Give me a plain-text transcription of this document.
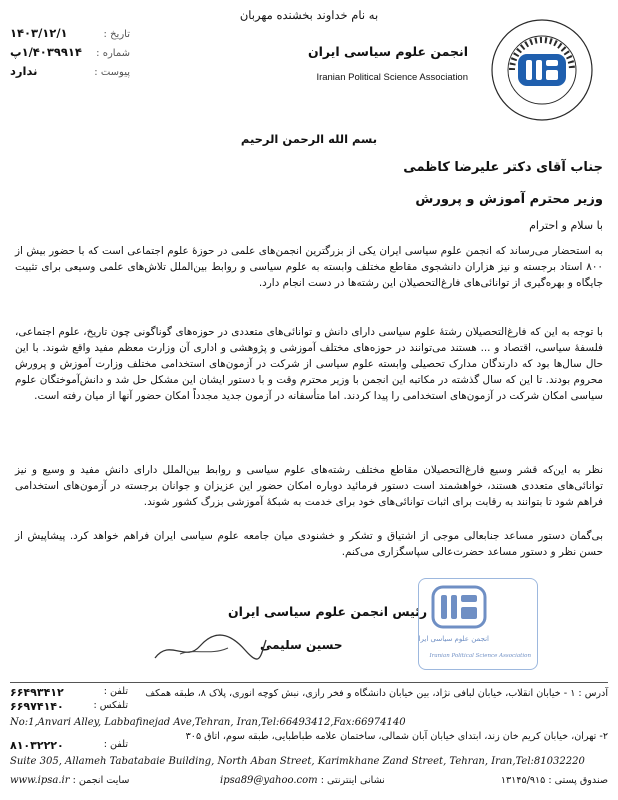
به نام خداوند بخشنده مهربان
تاریخ :
۱۴۰۳/۱۲/۱
شماره :
۱/۴۰۳۹۹۱۴پ
پیوست :
ندارد
انجمن علوم سیاسی ایران
Iranian Political Science Association
بسم الله الرحمن الرحیم
جناب آقای دکتر علیرضا کاظمی
وزیر محترم آموزش و پرورش
با سلام و احترام
به استحضار می‌رساند که انجمن علوم سیاسی ایران یکی از بزرگترین انجمن‌های علمی در حوزهٔ علوم اجتماعی است که با حضور بیش از ۸۰۰ استاد برجسته و نیز هزاران دانشجوی مقاطع مختلف وابسته به علوم سیاسی و روابط بین‌الملل تلاش‌های علمی وسیعی برای تثبیت جایگاه و بهره‌گیری از توانائی‌های فارغ‌التحصیلان این رشته‌ها در دست انجام دارد.
با توجه به این که فارغ‌التحصیلان رشتهٔ علوم سیاسی دارای دانش و توانائی‌های متعددی در حوزه‌های گوناگونی چون تاریخ، علوم اجتماعی، فلسفهٔ سیاسی، اقتصاد و ... هستند می‌توانند در حوزه‌های مختلف آموزشی و پژوهشی و اداری آن وزارت معظم مفید واقع شوند. با این حال سال‌ها بود که دارندگان مدارک تحصیلی وابسته علوم سیاسی از شرکت در آزمون‌های استخدامی مختلف وزارت آموزش و پرورش محروم بودند. تا این که سال گذشته در مکاتبه این انجمن با وزیر محترم وقت و با دستور ایشان این مشکل حل شد و دانش‌آموختگان علوم سیاسی امکان شرکت در آزمون‌های استخدامی را پیدا کردند. اما متأسفانه در آزمون جدید مجدداً امکان حضور آنها از میان رفته است.
نظر به این‌که قشر وسیع فارغ‌التحصیلان مقاطع مختلف رشته‌های علوم سیاسی و روابط بین‌الملل دارای دانش مفید و وسیع و نیز توانائی‌های متعددی هستند، خواهشمند است دستور فرمائید دوباره امکان حضور این عزیزان و جوانان برجسته در آزمون‌های استخدامی فراهم شود تا بتوانند به رقابت برای اثبات توانائی‌های خود برای خدمت به شبکهٔ آموزشی بزرگ کشور شوند.
بی‌گمان دستور مساعد جنابعالی موجی از اشتیاق و تشکر و خشنودی میان جامعه علوم سیاسی ایران فراهم خواهد کرد. پیشاپیش از حسن نظر و دستور مساعد حضرت‌عالی سپاسگزاری می‌کنم.
رئیس انجمن علوم سیاسی ایران
حسین سلیمی	انجمن علوم سیاسی ایران
Iranian Political Science Association
آدرس : ۱ - خیابان انقلاب، خیابان لبافی نژاد، بین خیابان دانشگاه و فخر رازی، نبش کوچه انوری، پلاک ۸، طبقه همکف
تلفن :
۶۶۴۹۳۴۱۲
تلفکس :
۶۶۹۷۴۱۴۰
No:1,Anvari Alley, Labbafinejad Ave,Tehran, Iran,Tel:66493412,Fax:66974140
۲- تهران، خیابان کریم خان زند، ابتدای خیابان آبان شمالی، ساختمان علامه طباطبایی، طبقه سوم، اتاق ۳۰۵
تلفن :
۸۱۰۳۲۲۲۰
Suite 305, Allameh Tabatabaie Building, North Aban Street, Karimkhane Zand Street, Tehran, Iran,Tel:81032220
صندوق پستی : ۱۳۱۴۵/۹۱۵
نشانی اینترنتی : ipsa89@yahoo.com
سایت انجمن : www.ipsa.ir
